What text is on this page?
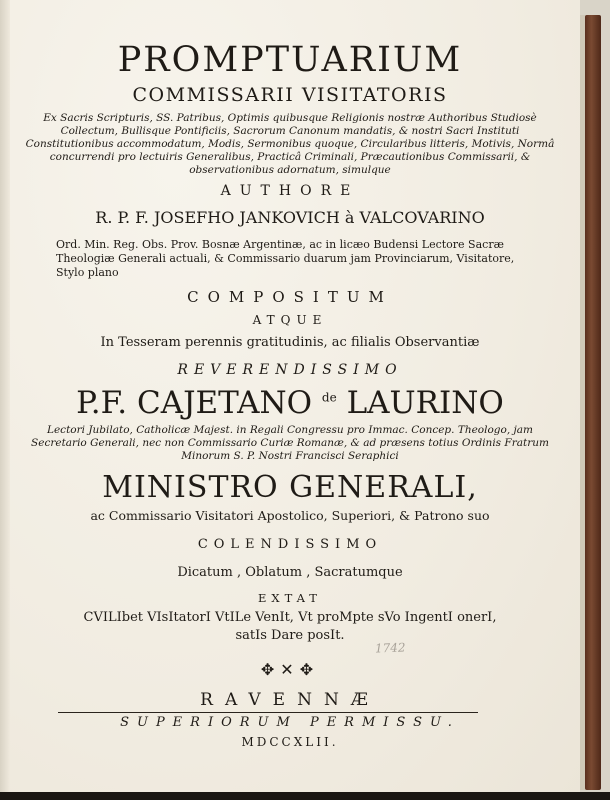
PROMPTUARIUM
COMMISSARII VISITATORIS
Ex Sacris Scripturis, SS. Patribus, Optimis quibusque Religionis nostræ Authoribus Studiosè Collectum, Bullisque Pontificiis, Sacrorum Canonum mandatis, & nostri Sacri Instituti Constitutionibus accommodatum, Modis, Sermonibus quoque, Circularibus litteris, Motivis, Normâ concurrendi pro lectuiris Generalibus, Practicâ Criminali, Præcautionibus Commissarii, & observationibus adornatum, simulque
AUTHORE
R. P. F. JOSEFHO JANKOVICH à VALCOVARINO
Ord. Min. Reg. Obs. Prov. Bosnæ Argentinæ, ac in licæo Budensi Lectore Sacræ Theologiæ Generali actuali, & Commissario duarum jam Provinciarum, Visitatore, Stylo plano
COMPOSITUM
ATQUE
In Tesseram perennis gratitudinis, ac filialis Observantiæ
REVERENDISSIMO
P.F. CAJETANO $^{de}$ LAURINO
Lectori Jubilato, Catholicæ Majest. in Regali Congressu pro Immac. Concep. Theologo, jam Secretario Generali, nec non Commissario Curiæ Romanæ, & ad præsens totius Ordinis Fratrum Minorum S. P. Nostri Francisci Seraphici
MINISTRO GENERALI,
ac Commissario Visitatori Apostolico, Superiori, & Patrono suo
COLENDISSIMO
Dicatum , Oblatum , Sacratumque
EXTAT
CVILIbet VIsItatorI VtILe VenIt, Vt proMpte sVo IngentI onerI,
satIs Dare posIt.
1742
✥✕✥
RAVENNÆ
SUPERIORUM PERMISSU.
MDCCXLII.
